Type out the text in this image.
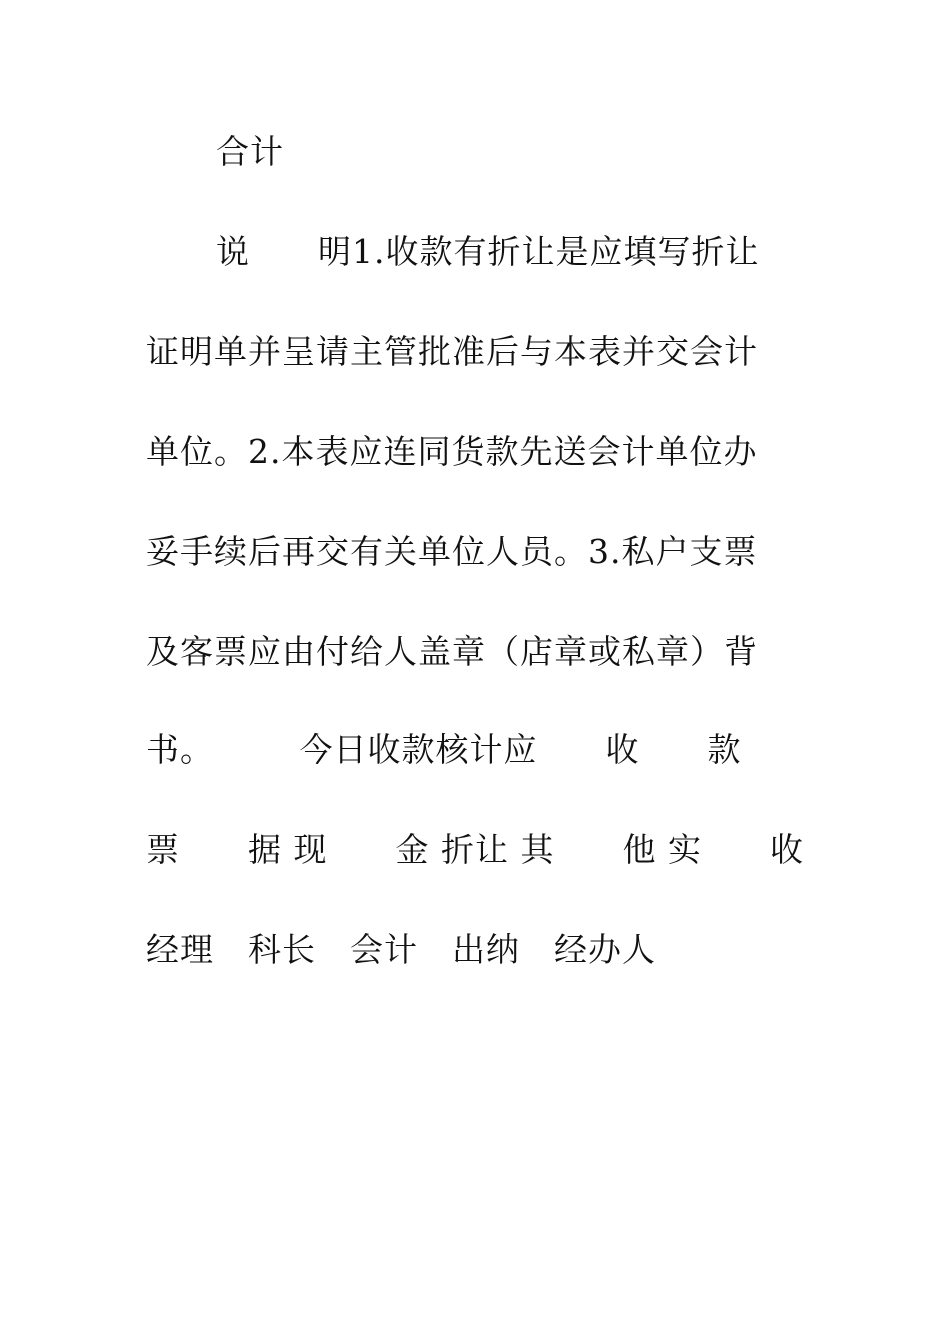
合计
说　　明1.收款有折让是应填写折让
证明单并呈请主管批准后与本表并交会计
单位。2.本表应连同货款先送会计单位办
妥手续后再交有关单位人员。3.私户支票
及客票应由付给人盖章（店章或私章）背
书。　　　今日收款核计应　　收　　款
票　　据 现　　金 折让 其　　他 实　　收
经理　科长　会计　出纳　经办人
